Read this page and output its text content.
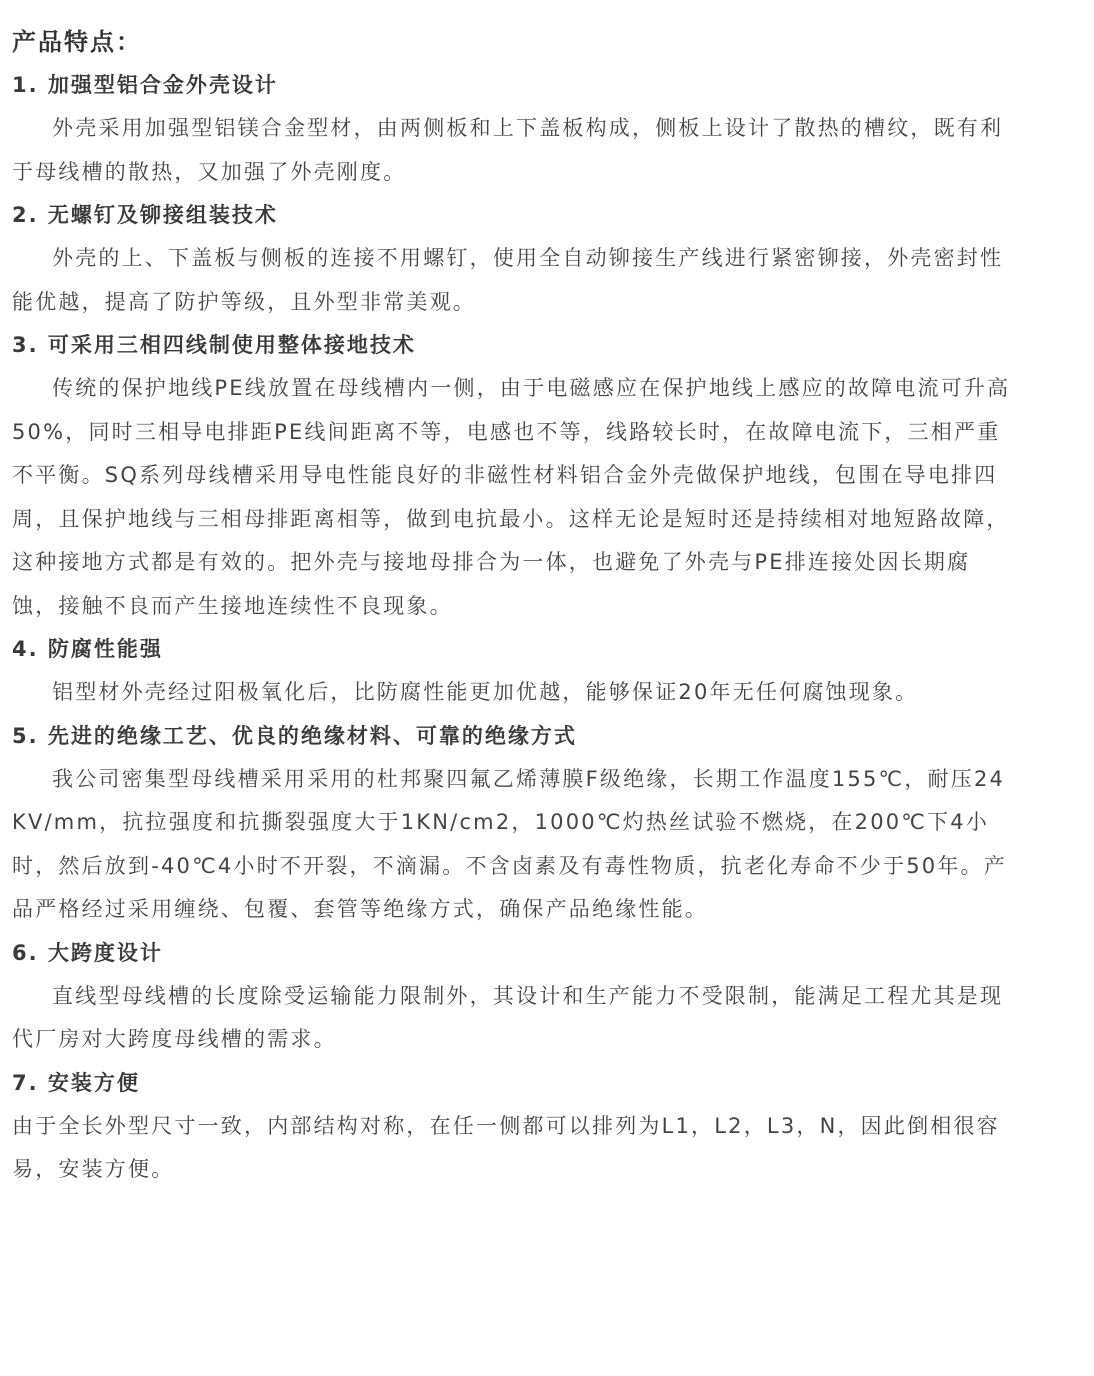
产品特点：
1. 加强型铝合金外壳设计

外壳采用加强型铝镁合金型材，由两侧板和上下盖板构成，侧板上设计了散热的槽纹，既有利于母线槽的散热，又加强了外壳刚度。

2. 无螺钉及铆接组装技术

外壳的上、下盖板与侧板的连接不用螺钉，使用全自动铆接生产线进行紧密铆接，外壳密封性能优越，提高了防护等级，且外型非常美观。

3. 可采用三相四线制使用整体接地技术

传统的保护地线PE线放置在母线槽内一侧，由于电磁感应在保护地线上感应的故障电流可升高50%，同时三相导电排距PE线间距离不等，电感也不等，线路较长时，在故障电流下，三相严重不平衡。SQ系列母线槽采用导电性能良好的非磁性材料铝合金外壳做保护地线，包围在导电排四周，且保护地线与三相母排距离相等，做到电抗最小。这样无论是短时还是持续相对地短路故障，这种接地方式都是有效的。把外壳与接地母排合为一体，也避免了外壳与PE排连接处因长期腐蚀，接触不良而产生接地连续性不良现象。

4. 防腐性能强

铝型材外壳经过阳极氧化后，比防腐性能更加优越，能够保证20年无任何腐蚀现象。

5. 先进的绝缘工艺、优良的绝缘材料、可靠的绝缘方式

我公司密集型母线槽采用采用的杜邦聚四氟乙烯薄膜F级绝缘，长期工作温度155℃，耐压24KV/mm，抗拉强度和抗撕裂强度大于1KN/cm2，1000℃灼热丝试验不燃烧，在200℃下4小时，然后放到-40℃4小时不开裂，不滴漏。不含卤素及有毒性物质，抗老化寿命不少于50年。产品严格经过采用缠绕、包覆、套管等绝缘方式，确保产品绝缘性能。

6. 大跨度设计

直线型母线槽的长度除受运输能力限制外，其设计和生产能力不受限制，能满足工程尤其是现代厂房对大跨度母线槽的需求。

7. 安装方便

由于全长外型尺寸一致，内部结构对称，在任一侧都可以排列为L1，L2，L3，N，因此倒相很容易，安装方便。
